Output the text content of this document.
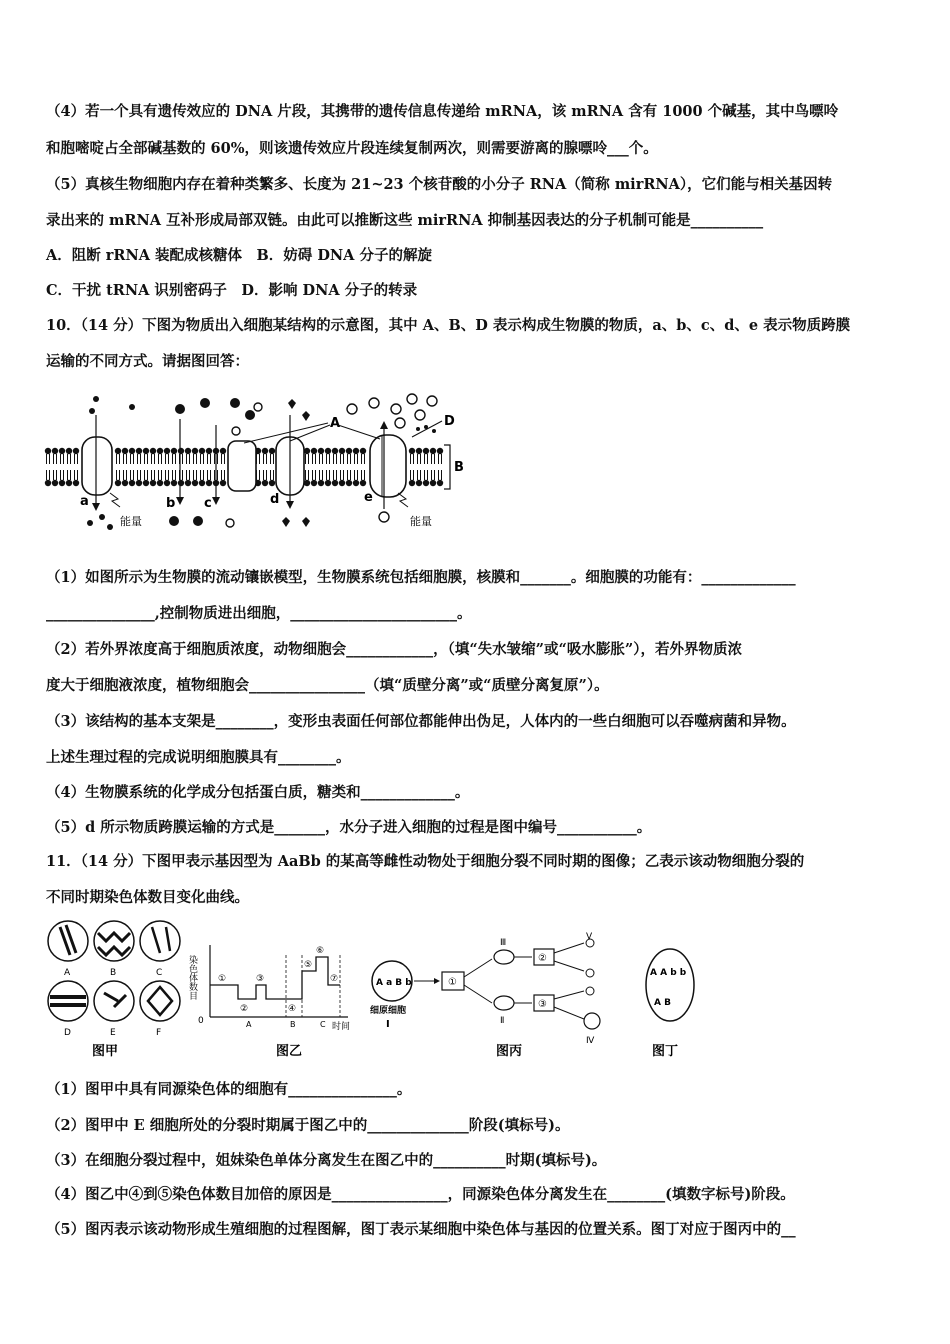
（4）若一个具有遗传效应的 DNA 片段，其携带的遗传信息传递给 mRNA，该 mRNA 含有 1000 个碱基，其中鸟嘌呤
和胞嘧啶占全部碱基数的 60%，则该遗传效应片段连续复制两次，则需要游离的腺嘌呤___个。
（5）真核生物细胞内存在着种类繁多、长度为 21~23 个核苷酸的小分子 RNA（简称 mirRNA），它们能与相关基因转
录出来的 mRNA 互补形成局部双链。由此可以推断这些 mirRNA 抑制基因表达的分子机制可能是__________
A．阻断 rRNA 装配成核糖体　B．妨碍 DNA 分子的解旋
C．干扰 tRNA 识别密码子　D．影响 DNA 分子的转录
10．（14 分）下图为物质出入细胞某结构的示意图，其中 A、B、D 表示构成生物膜的物质，a、b、c、d、e 表示物质跨膜
运输的不同方式。请据图回答：
B
A	D
a	b c	d	e
能量	能量
（1）如图所示为生物膜的流动镶嵌模型，生物膜系统包括细胞膜，核膜和_______。细胞膜的功能有：_____________
_______________,控制物质进出细胞，_______________________。
（2）若外界浓度高于细胞质浓度，动物细胞会____________，（填“失水皱缩”或“吸水膨胀”），若外界物质浓
度大于细胞液浓度，植物细胞会________________（填“质壁分离”或“质壁分离复原”）。
（3）该结构的基本支架是________，变形虫表面任何部位都能伸出伪足，人体内的一些白细胞可以吞噬病菌和异物。
上述生理过程的完成说明细胞膜具有________。
（4）生物膜系统的化学成分包括蛋白质，糖类和_____________。
（5）d 所示物质跨膜运输的方式是_______，水分子进入细胞的过程是图中编号___________。
11．（14 分）下图甲表示基因型为 AaBb 的某高等雌性动物处于细胞分裂不同时期的图像；乙表示该动物细胞分裂的
不同时期染色体数目变化曲线。
A	B	C
D	E	F
图甲
染色体数目
0
时间
①
②
③
④
⑤
⑥
⑦
A	B	C
图乙
A a B b
细原细胞
Ⅰ
①
Ⅲ
Ⅱ
②
③
Ⅴ
Ⅳ
图丙
A A b b
A B
图丁
（1）图甲中具有同源染色体的细胞有_______________。
（2）图甲中 E 细胞所处的分裂时期属于图乙中的______________阶段(填标号)。
（3）在细胞分裂过程中，姐妹染色单体分离发生在图乙中的__________时期(填标号)。
（4）图乙中④到⑤染色体数目加倍的原因是________________，同源染色体分离发生在________(填数字标号)阶段。
（5）图丙表示该动物形成生殖细胞的过程图解，图丁表示某细胞中染色体与基因的位置关系。图丁对应于图丙中的__
